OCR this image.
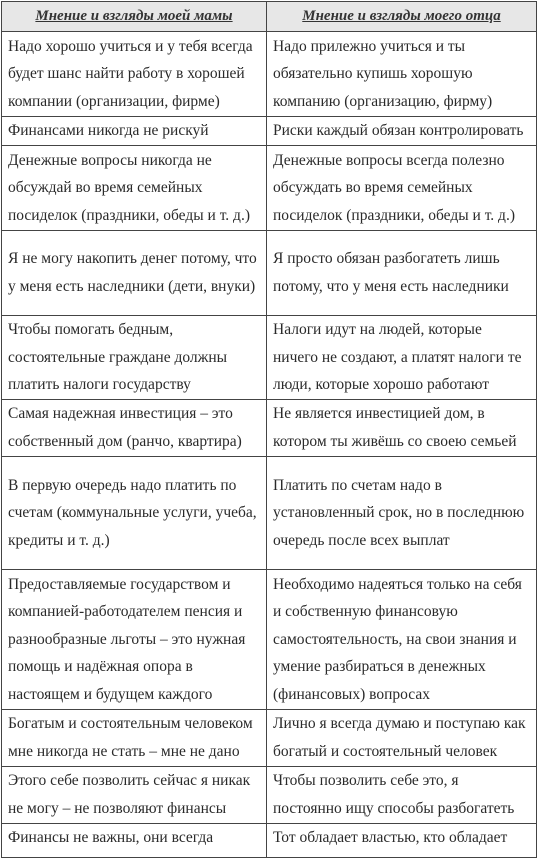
Мнение и взгляды моей мамы	Мнение и взгляды моего отца
Надо хорошо учиться и у тебя всегда будет шанс найти работу в хорошей компании (организации, фирме)	Надо прилежно учиться и ты обязательно купишь хорошую компанию (организацию, фирму)
Финансами никогда не рискуй	Риски каждый обязан контролировать
Денежные вопросы никогда не обсуждай во время семейных посиделок (праздники, обеды и т. д.)	Денежные вопросы всегда полезно обсуждать во время семейных посиделок (праздники, обеды и т. д.)
Я не могу накопить денег потому, что у меня есть наследники (дети, внуки)	Я просто обязан разбогатеть лишь потому, что у меня есть наследники
Чтобы помогать бедным, состоятельные граждане должны платить налоги государству	Налоги идут на людей, которые ничего не создают, а платят налоги те люди, которые хорошо работают
Самая надежная инвестиция – это собственный дом (ранчо, квартира)	Не является инвестицией дом, в котором ты живёшь со своею семьей
В первую очередь надо платить по счетам (коммунальные услуги, учеба, кредиты и т. д.)	Платить по счетам надо в установленный срок, но в последнюю очередь после всех выплат
Предоставляемые государством и компанией-работодателем пенсия и разнообразные льготы – это нужная помощь и надёжная опора в настоящем и будущем каждого	Необходимо надеяться только на себя и собственную финансовую самостоятельность, на свои знания и умение разбираться в денежных (финансовых) вопросах
Богатым и состоятельным человеком мне никогда не стать – мне не дано	Лично я всегда думаю и поступаю как богатый и состоятельный человек
Этого себе позволить сейчас я никак не могу – не позволяют финансы	Чтобы позволить себе это, я постоянно ищу способы разбогатеть
Финансы не важны, они всегда	Тот обладает властью, кто обладает
